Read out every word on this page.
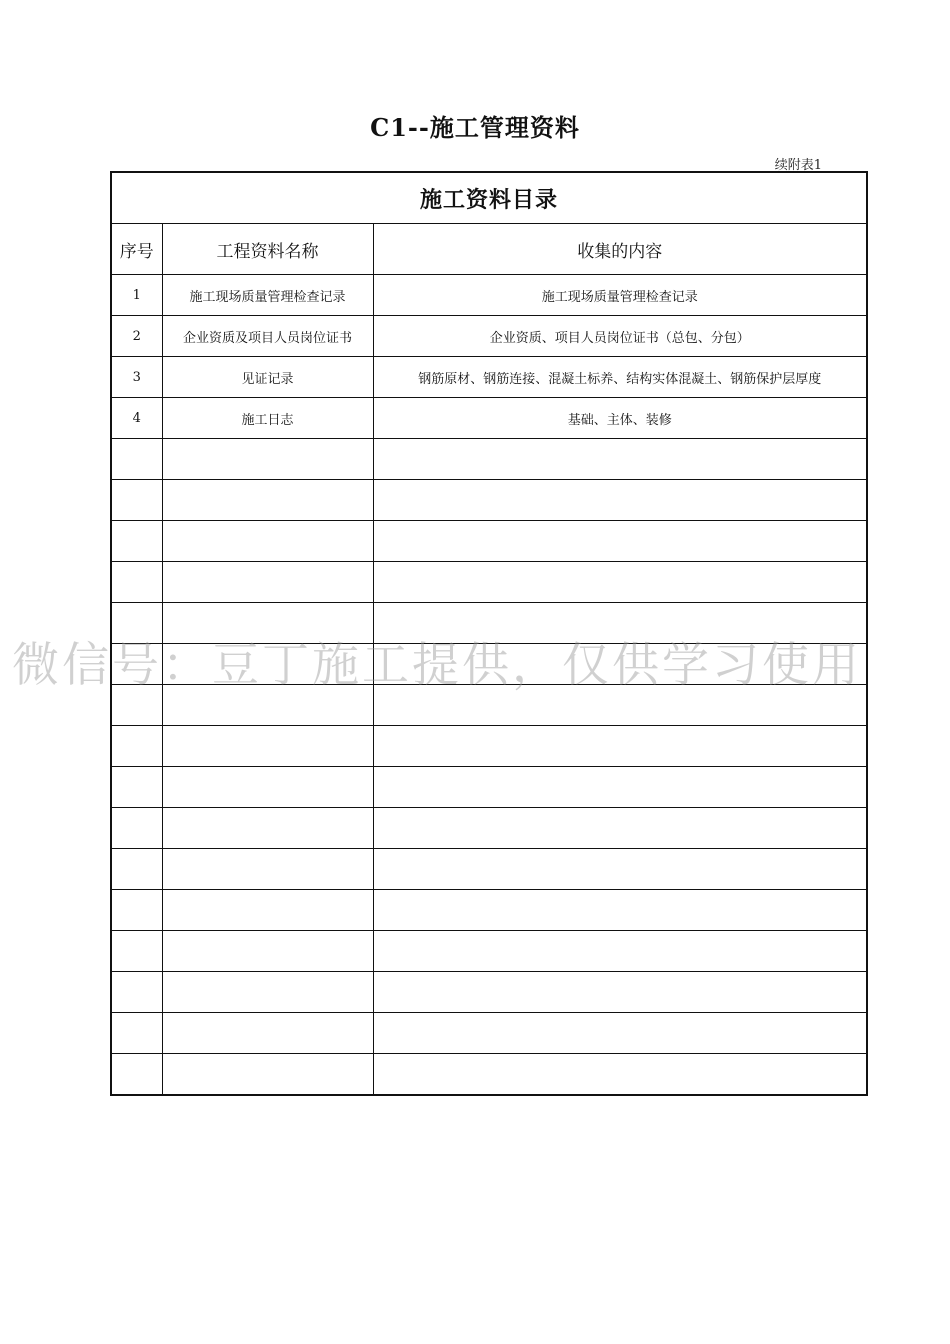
C1--施工管理资料
续附表1
施工资料目录		
序号	工程资料名称	收集的内容
1	施工现场质量管理检查记录	施工现场质量管理检查记录
2	企业资质及项目人员岗位证书	企业资质、项目人员岗位证书（总包、分包）
3	见证记录	钢筋原材、钢筋连接、混凝土标养、结构实体混凝土、钢筋保护层厚度
4	施工日志	基础、主体、装修

微信号：豆丁施工提供，仅供学习使用
